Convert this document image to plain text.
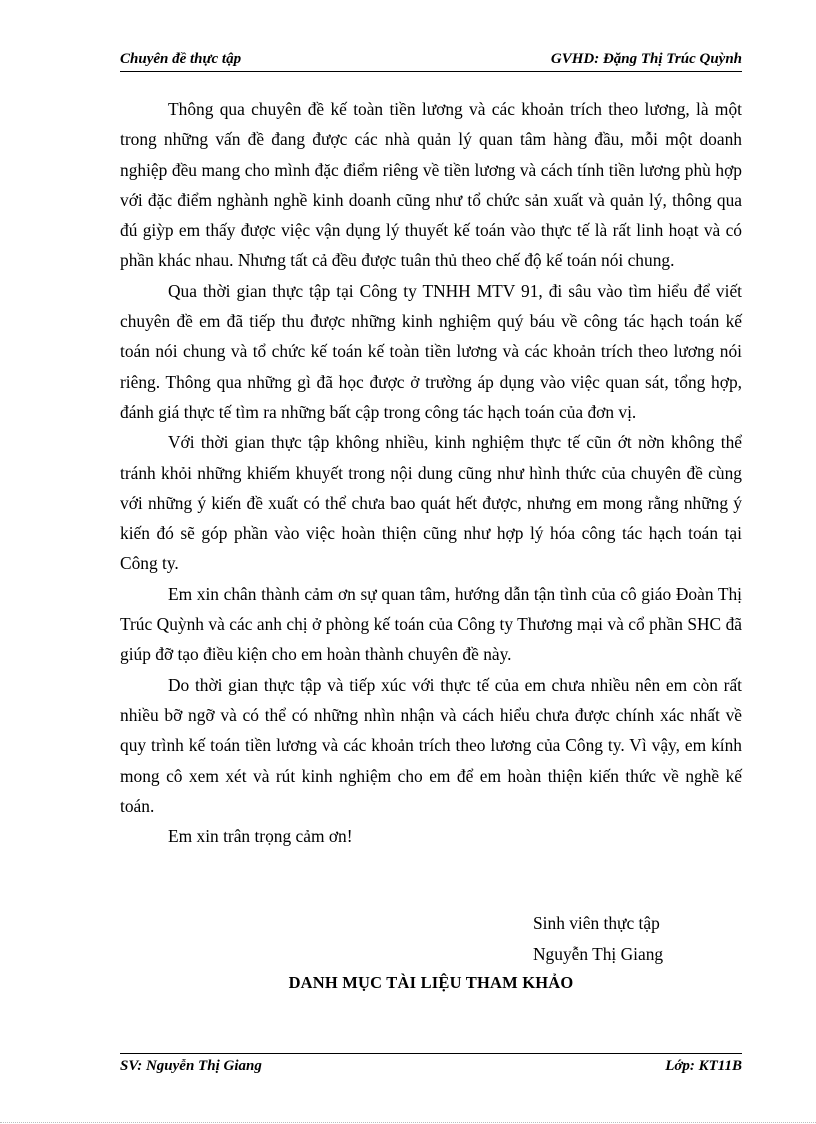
Chuyên đề thực tập	GVHD: Đặng Thị Trúc Quỳnh

Thông qua chuyên đề kế toàn tiền lương và các khoản trích theo lương, là một trong những vấn đề đang được các nhà quản lý quan tâm hàng đầu, mỗi một doanh nghiệp đều mang cho mình đặc điểm riêng về tiền lương và cách tính tiền lương phù hợp với đặc điểm nghành nghề kinh doanh cũng như tổ chức sản xuất và quản lý, thông qua đú giỳp em thấy được việc vận dụng lý thuyết kế toán vào thực tế là rất linh hoạt và có phần khác nhau. Nhưng tất cả đều được tuân thủ theo chế độ kế toán nói chung.

Qua thời gian thực tập tại Công ty TNHH MTV 91, đi sâu vào tìm hiểu để viết chuyên đề em đã tiếp thu được những kinh nghiệm quý báu về công tác hạch toán kế toán nói chung và tổ chức kế toán kế toàn tiền lương và các khoản trích theo lương nói riêng. Thông qua những gì đã học được ở trường áp dụng vào việc quan sát, tổng hợp, đánh giá thực tế tìm ra những bất cập trong công tác hạch toán của đơn vị.

Với thời gian thực tập không nhiều, kinh nghiệm thực tế cũn ớt nờn không thể tránh khỏi những khiếm khuyết trong nội dung cũng như hình thức của chuyên đề cùng với những ý kiến đề xuất có thể chưa bao quát hết được, nhưng em mong rằng những ý kiến đó sẽ góp phần vào việc hoàn thiện cũng như hợp lý hóa công tác hạch toán tại Công ty.

Em xin chân thành cảm ơn sự quan tâm, hướng dẫn tận tình của cô giáo Đoàn Thị Trúc Quỳnh và các anh chị ở phòng kế toán của Công ty Thương mại và cổ phần SHC đã giúp đỡ tạo điều kiện cho em hoàn thành chuyên đề này.

Do thời gian thực tập và tiếp xúc với thực tế của em chưa nhiều nên em còn rất nhiều bỡ ngỡ và có thể có những nhìn nhận và cách hiểu chưa được chính xác nhất về quy trình kế toán tiền lương và các khoản trích theo lương của Công ty. Vì vậy, em kính mong cô xem xét và rút kinh nghiệm cho em để em hoàn thiện kiến thức về nghề kế toán.

Em xin trân trọng cảm ơn!

Sinh viên thực tập
Nguyễn Thị Giang
DANH MỤC TÀI LIỆU THAM KHẢO
SV: Nguyễn Thị Giang	Lớp: KT11B
